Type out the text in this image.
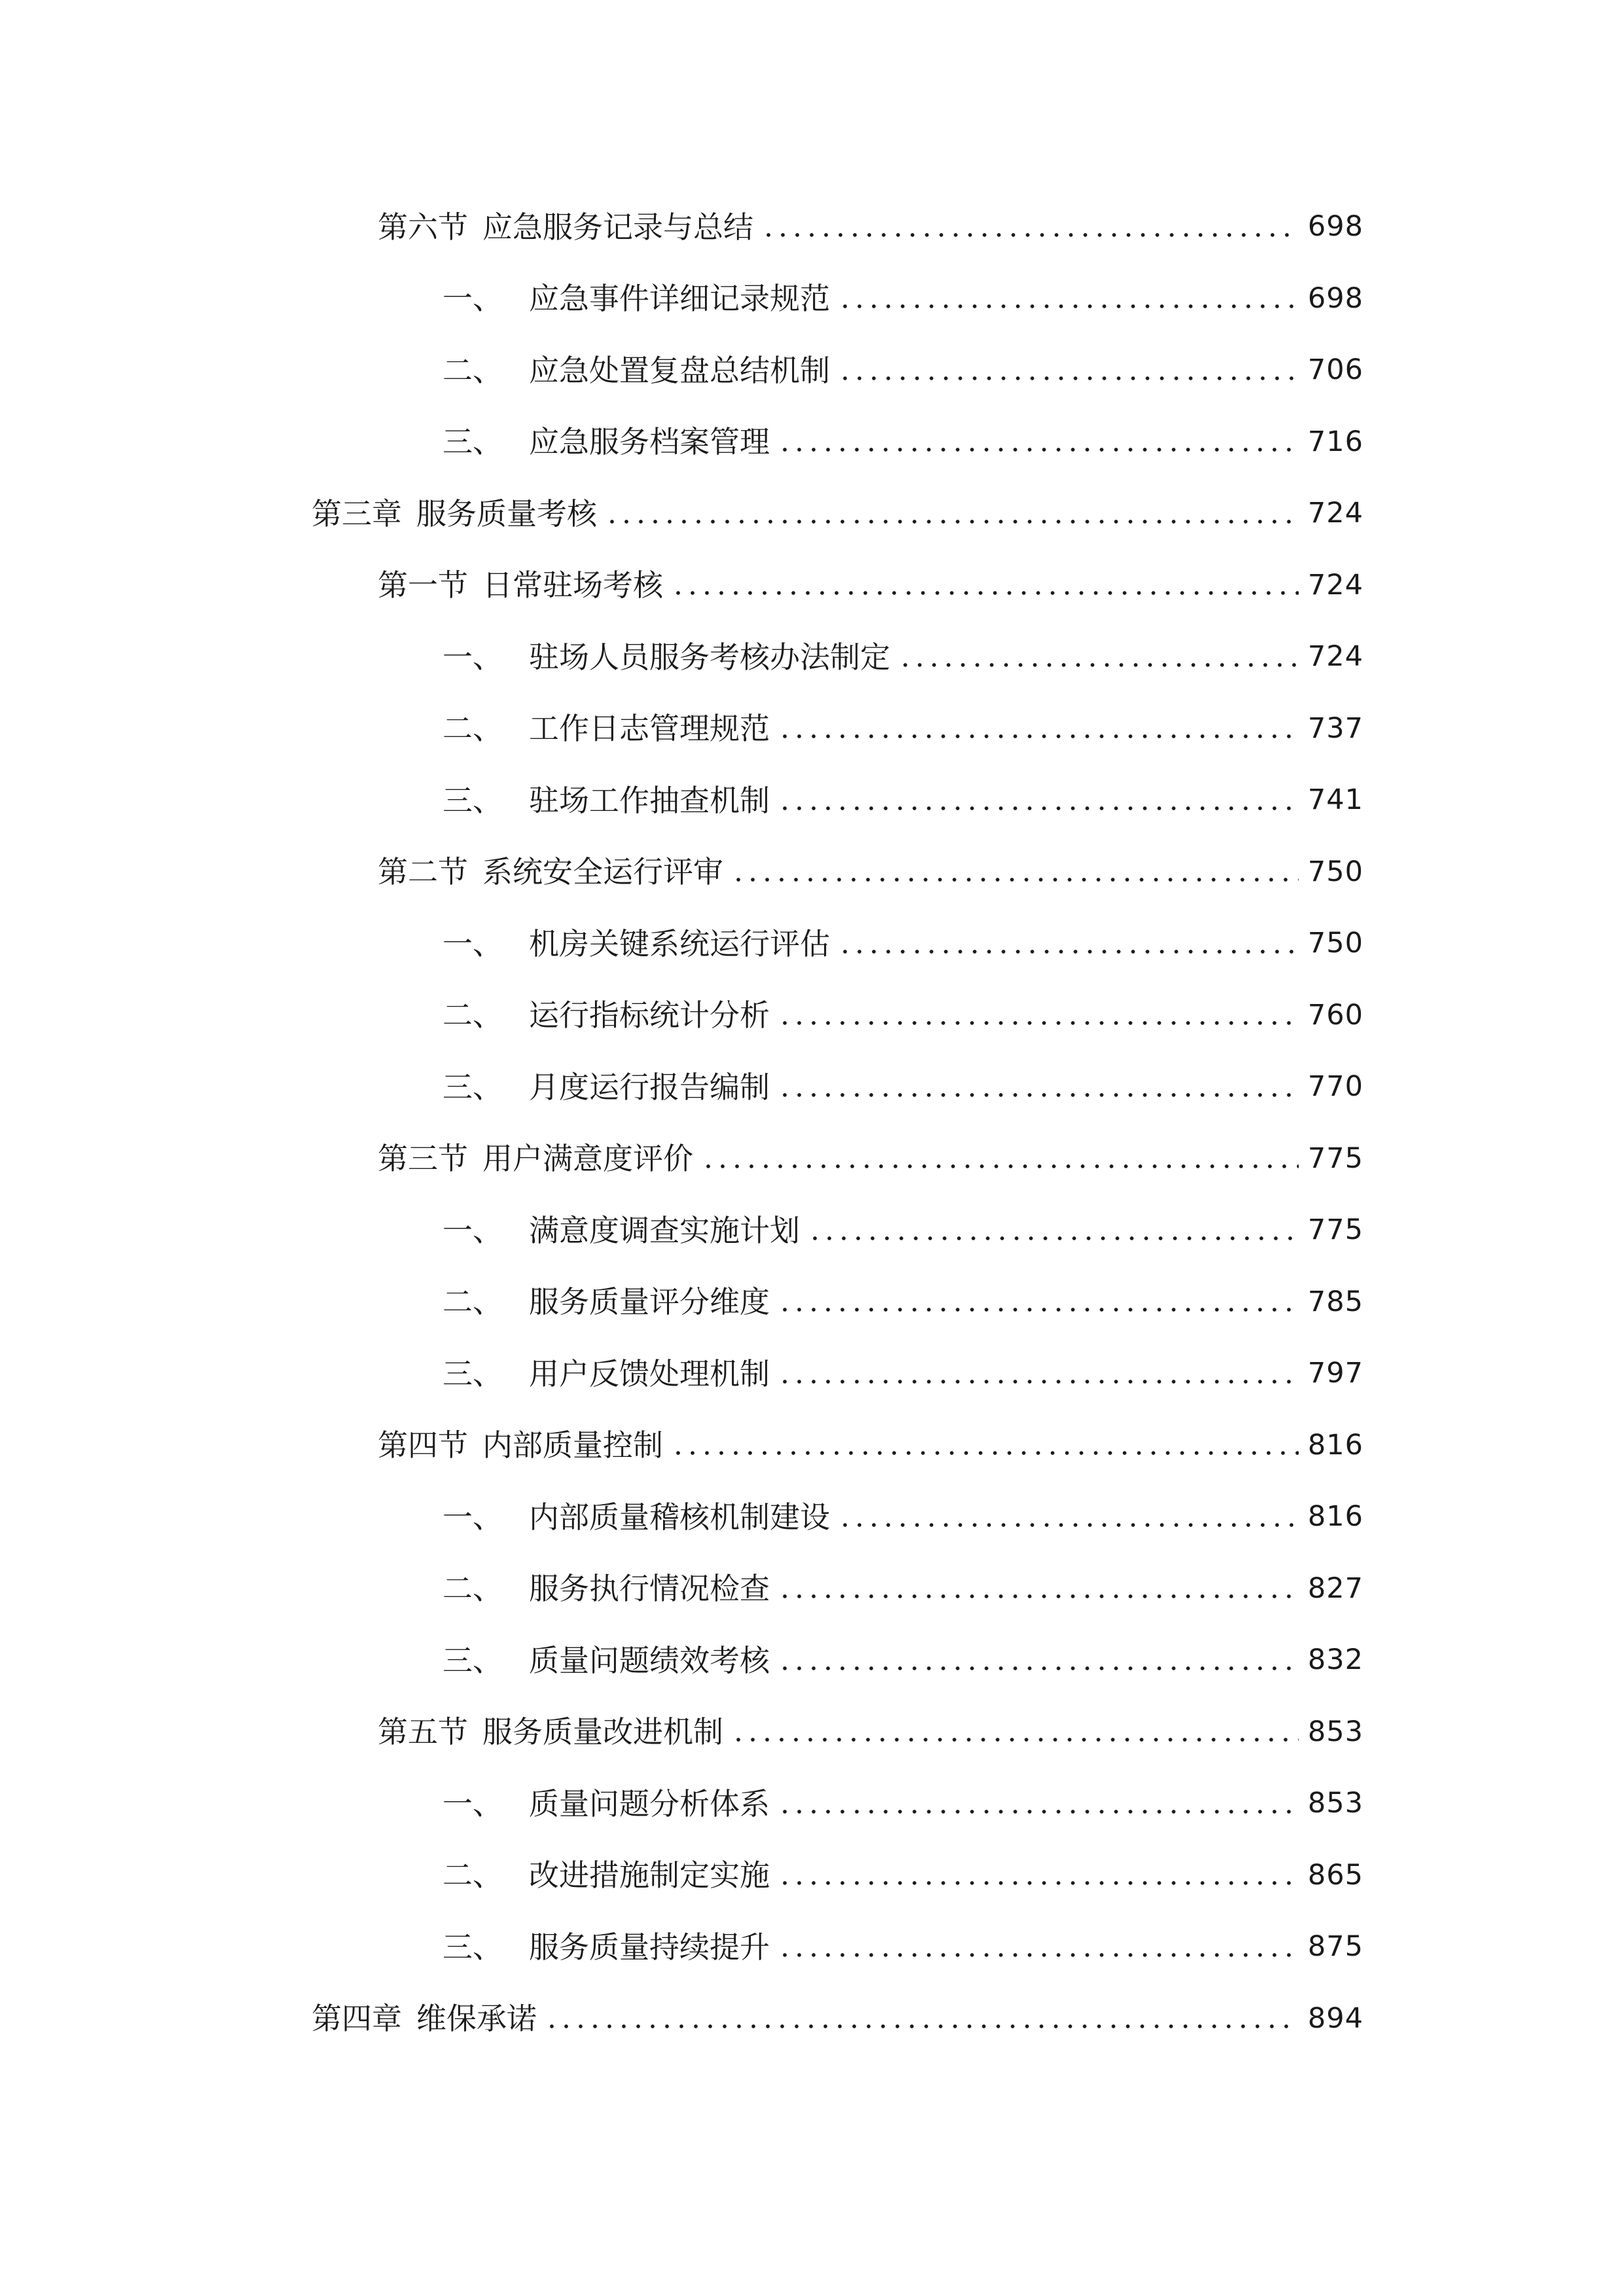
第六节 应急服务记录与总结	698
一、 应急事件详细记录规范	698
二、 应急处置复盘总结机制	706
三、 应急服务档案管理	716
第三章 服务质量考核	724
第一节 日常驻场考核	724
一、 驻场人员服务考核办法制定	724
二、 工作日志管理规范	737
三、 驻场工作抽查机制	741
第二节 系统安全运行评审	750
一、 机房关键系统运行评估	750
二、 运行指标统计分析	760
三、 月度运行报告编制	770
第三节 用户满意度评价	775
一、 满意度调查实施计划	775
二、 服务质量评分维度	785
三、 用户反馈处理机制	797
第四节 内部质量控制	816
一、 内部质量稽核机制建设	816
二、 服务执行情况检查	827
三、 质量问题绩效考核	832
第五节 服务质量改进机制	853
一、 质量问题分析体系	853
二、 改进措施制定实施	865
三、 服务质量持续提升	875
第四章 维保承诺	894
